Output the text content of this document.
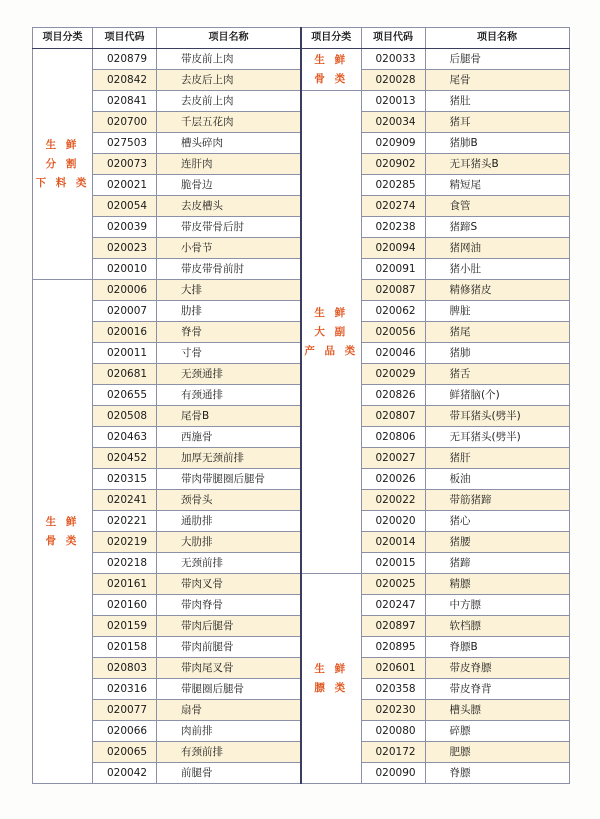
项目分类	项目代码	项目名称

生 鲜
分 割
下 料 类	020879	带皮前上肉
	020842	去皮后上肉
	020841	去皮前上肉
	020700	千层五花肉
	027503	槽头碎肉
	020073	连肝肉
	020021	脆骨边
	020054	去皮槽头
	020039	带皮带骨后肘
	020023	小骨节
	020010	带皮带骨前肘

生 鲜
骨 类	020006	大排
	020007	肋排
	020016	脊骨
	020011	寸骨
	020681	无颈通排
	020655	有颈通排
	020508	尾骨B
	020463	西施骨
	020452	加厚无颈前排
	020315	带肉带腿圈后腿骨
	020241	颈骨头
	020221	通肋排
	020219	大肋排
	020218	无颈前排
	020161	带肉叉骨
	020160	带肉脊骨
	020159	带肉后腿骨
	020158	带肉前腿骨
	020803	带肉尾叉骨
	020316	带腿圈后腿骨
	020077	扇骨
	020066	肉前排
	020065	有颈前排
	020042	前腿骨
项目分类	项目代码	项目名称

生 鲜
骨 类	020033	后腿骨
	020028	尾骨

生 鲜
大 副
产 品 类	020013	猪肚
	020034	猪耳
	020909	猪肺B
	020902	无耳猪头B
	020285	精短尾
	020274	食管
	020238	猪蹄S
	020094	猪网油
	020091	猪小肚
	020087	精修猪皮
	020062	脾脏
	020056	猪尾
	020046	猪肺
	020029	猪舌
	020826	鲜猪脑(个)
	020807	带耳猪头(劈半)
	020806	无耳猪头(劈半)
	020027	猪肝
	020026	板油
	020022	带筋猪蹄
	020020	猪心
	020014	猪腰
	020015	猪蹄

生 鲜
膘 类	020025	精膘
	020247	中方膘
	020897	软档膘
	020895	脊膘B
	020601	带皮脊膘
	020358	带皮脊背
	020230	槽头膘
	020080	碎膘
	020172	肥膘
	020090	脊膘
